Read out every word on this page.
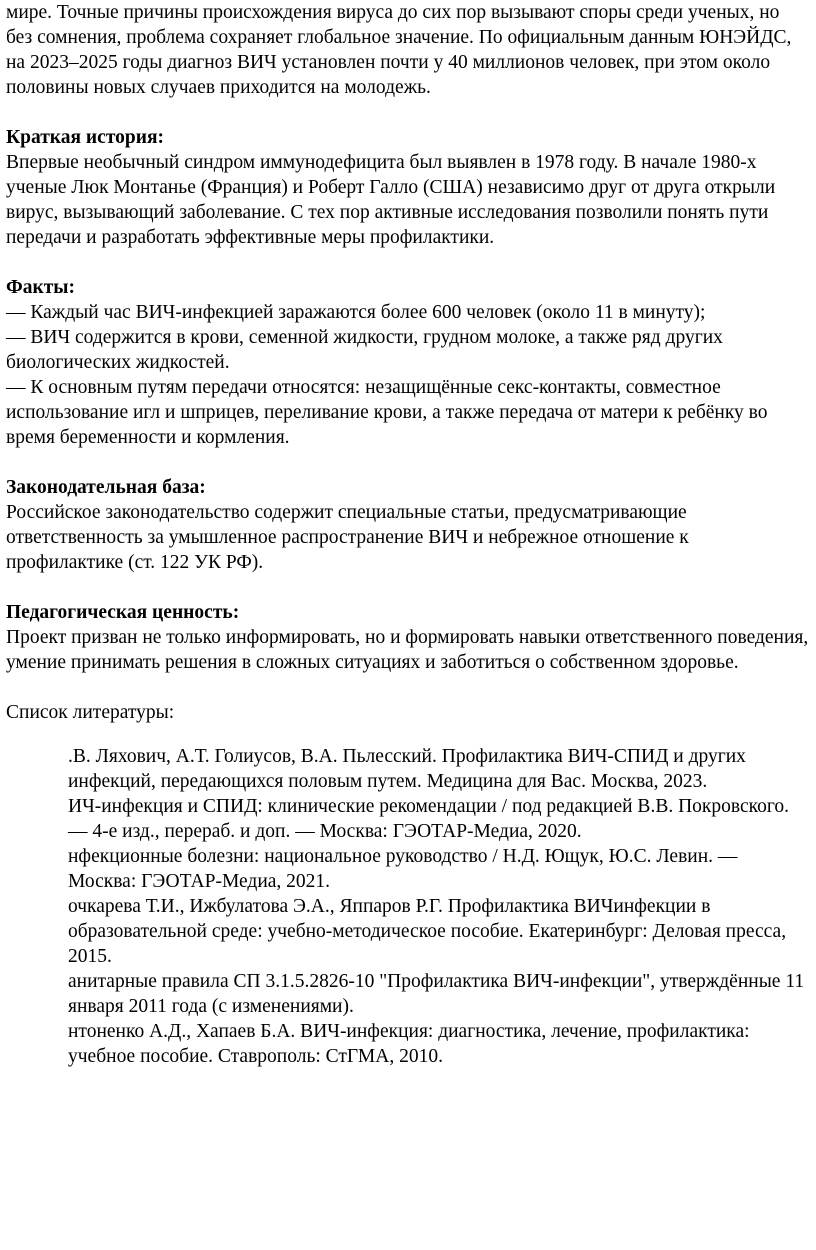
мире. Точные причины происхождения вируса до сих пор вызывают споры среди ученых, но без сомнения, проблема сохраняет глобальное значение. По официальным данным ЮНЭЙДС, на 2023–2025 годы диагноз ВИЧ установлен почти у 40 миллионов человек, при этом около половины новых случаев приходится на молодежь.

Краткая история:

Впервые необычный синдром иммунодефицита был выявлен в 1978 году. В начале 1980-х ученые Люк Монтанье (Франция) и Роберт Галло (США) независимо друг от друга открыли вирус, вызывающий заболевание. С тех пор активные исследования позволили понять пути передачи и разработать эффективные меры профилактики.

Факты:

— Каждый час ВИЧ-инфекцией заражаются более 600 человек (около 11 в минуту);

— ВИЧ содержится в крови, семенной жидкости, грудном молоке, а также ряд других биологических жидкостей.

— К основным путям передачи относятся: незащищённые секс-контакты, совместное использование игл и шприцев, переливание крови, а также передача от матери к ребёнку во время беременности и кормления.

Законодательная база:

Российское законодательство содержит специальные статьи, предусматривающие ответственность за умышленное распространение ВИЧ и небрежное отношение к профилактике (ст. 122 УК РФ).

Педагогическая ценность:

Проект призван не только информировать, но и формировать навыки ответственного поведения, умение принимать решения в сложных ситуациях и заботиться о собственном здоровье.

Список литературы:

.В. Ляхович, А.Т. Голиусов, В.А. Пьлесский. Профилактика ВИЧ-СПИД и других инфекций, передающихся половым путем. Медицина для Вас. Москва, 2023.
ИЧ-инфекция и СПИД: клинические рекомендации / под редакцией В.В. Покровского. — 4-е изд., перераб. и доп. — Москва: ГЭОТАР-Медиа, 2020.
нфекционные болезни: национальное руководство / Н.Д. Ющук, Ю.С. Левин. — Москва: ГЭОТАР-Медиа, 2021.
очкарева Т.И., Ижбулатова Э.А., Яппаров Р.Г. Профилактика ВИЧинфекции в образовательной среде: учебно-методическое пособие. Екатеринбург: Деловая пресса, 2015.
анитарные правила СП 3.1.5.2826-10 "Профилактика ВИЧ-инфекции", утверждённые 11 января 2011 года (с изменениями).
нтоненко А.Д., Хапаев Б.А. ВИЧ-инфекция: диагностика, лечение, профилактика: учебное пособие. Ставрополь: СтГМА, 2010.
